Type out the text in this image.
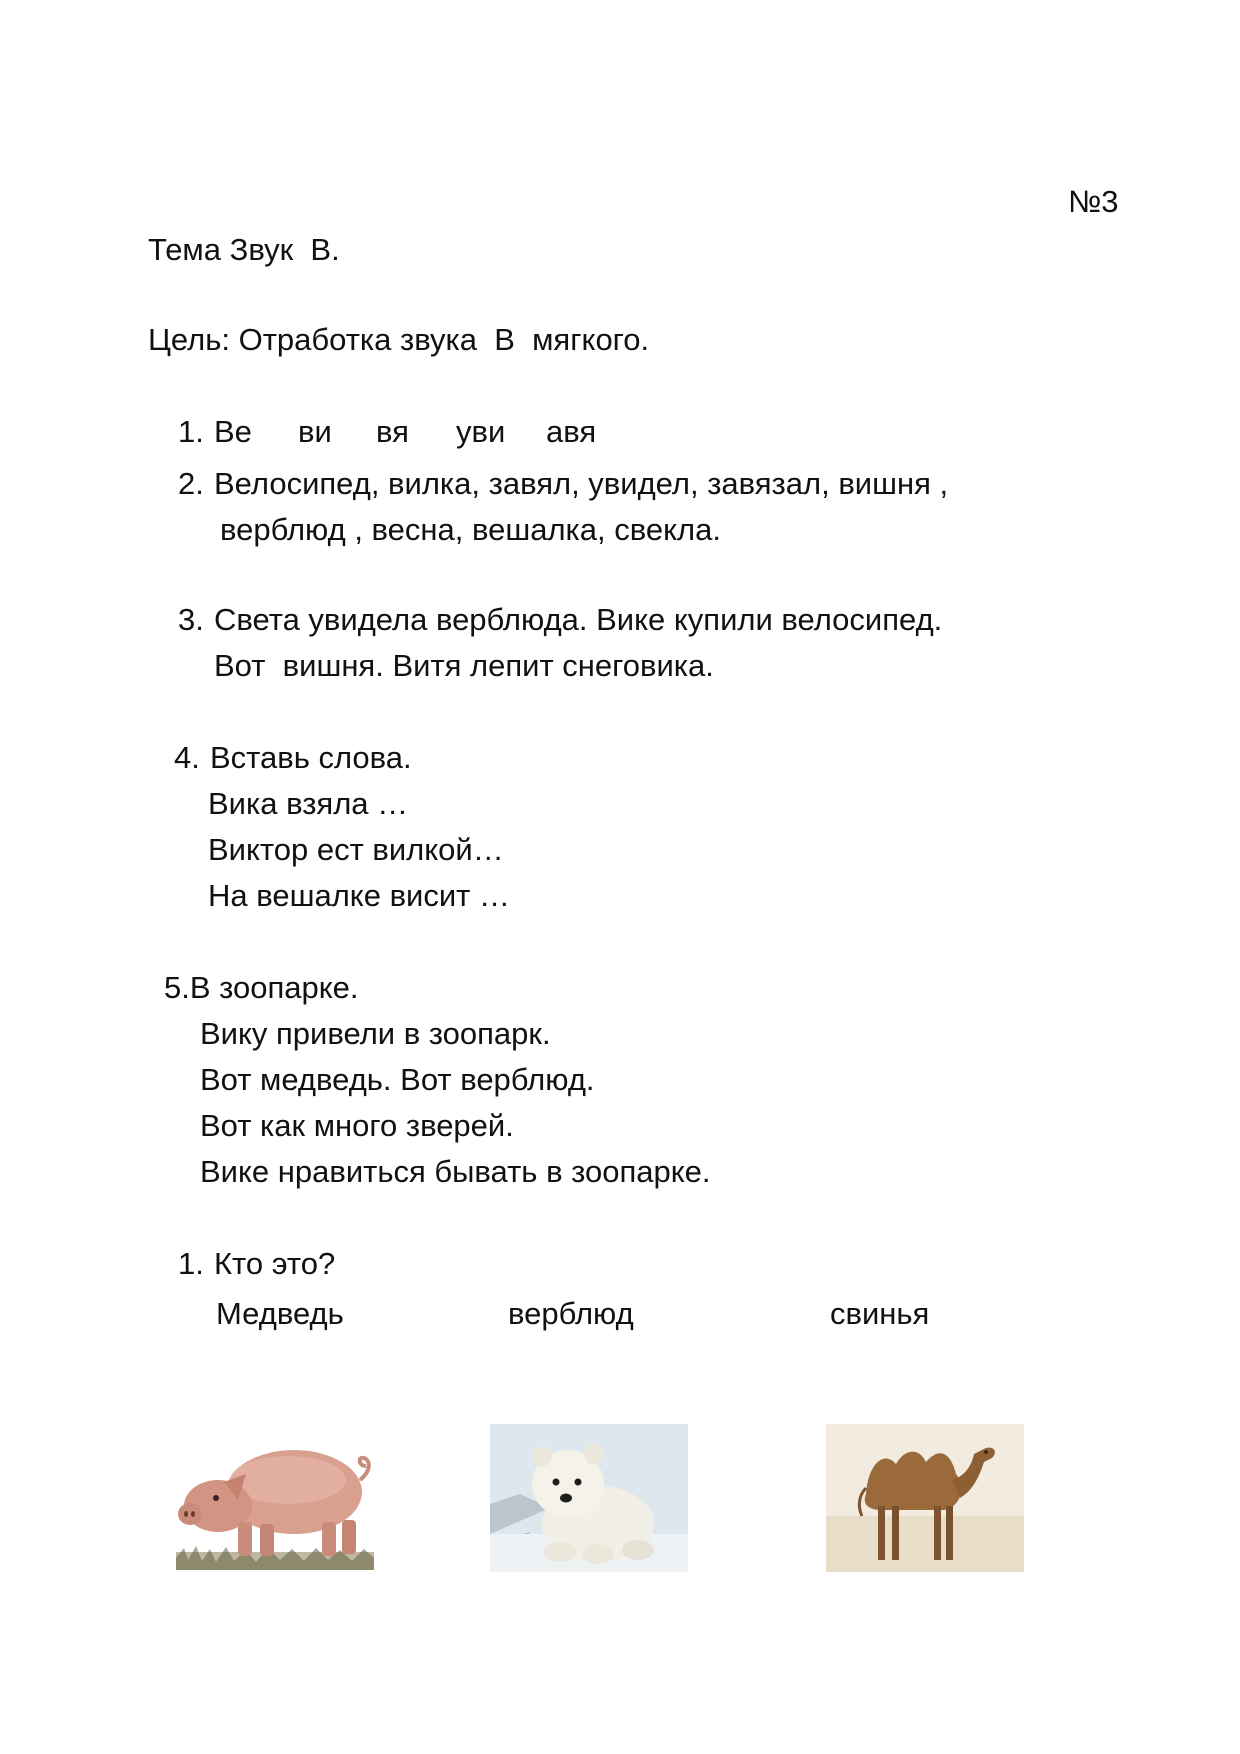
№3
Тема Звук  В.
Цель: Отработка звука  В  мягкого.
1. Ве ви вя уви авя
2. Велосипед, вилка, завял, увидел, завязал, вишня ,
верблюд , весна, вешалка, свекла.
3. Света увидела верблюда. Вике купили велосипед.
Вот  вишня. Витя лепит снеговика.
4. Вставь слова.
Вика взяла …
Виктор ест вилкой…
На вешалке висит …
5.В зоопарке.
Вику привели в зоопарк.
Вот медведь. Вот верблюд.
Вот как много зверей.
Вике нравиться бывать в зоопарке.
1. Кто это?
Медведь	верблюд	свинья
